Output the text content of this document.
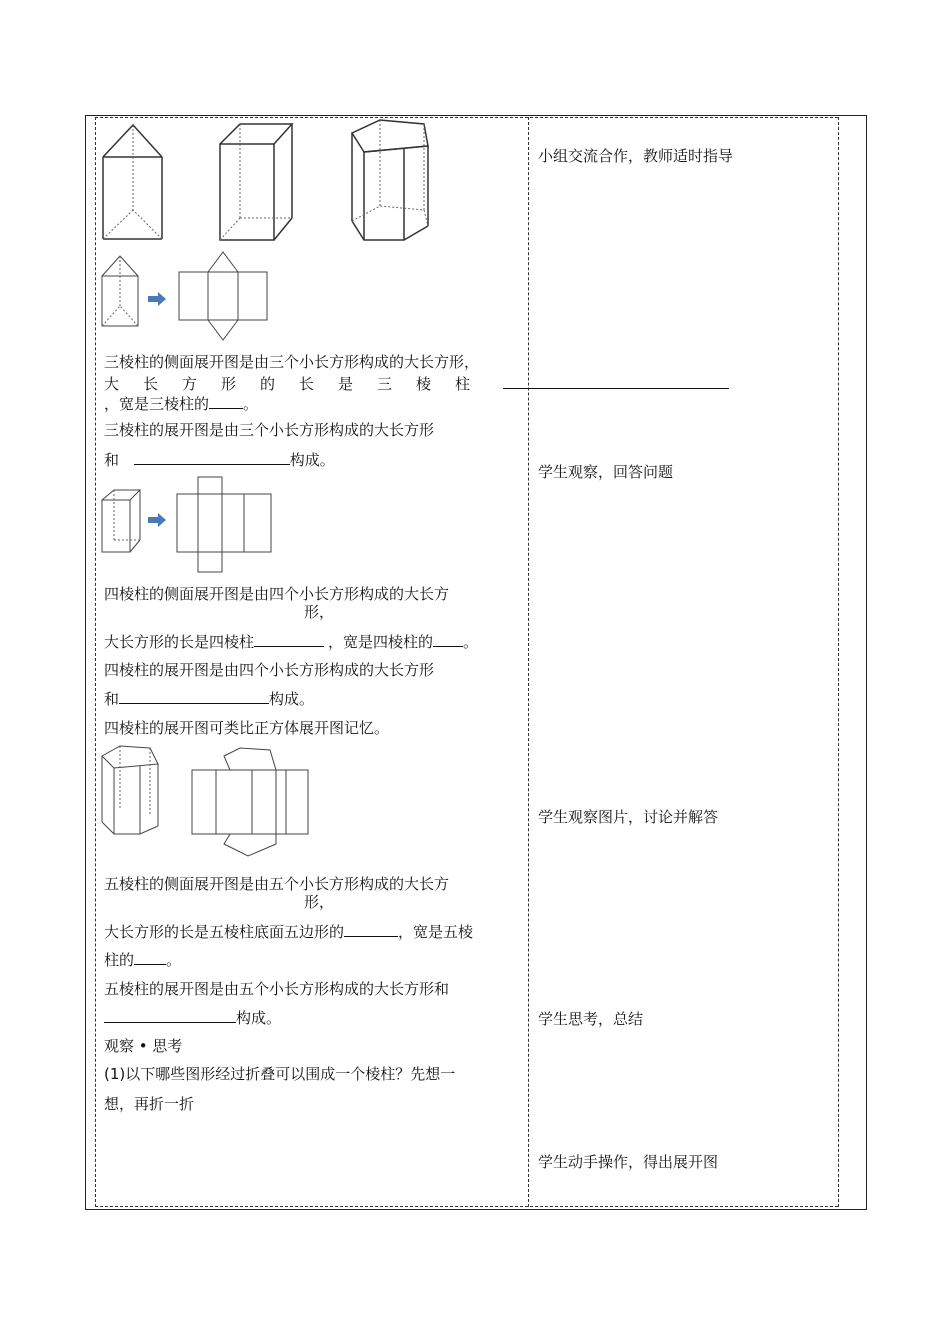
三棱柱的侧面展开图是由三个小长方形构成的大长方形，
大长方形的长是三棱柱
，宽是三棱柱的 。
三棱柱的展开图是由三个小长方形构成的大长方形
和	构成。
四棱柱的侧面展开图是由四个小长方形构成的大长方
形，
大长方形的长是四棱柱	，宽是四棱柱的 。
四棱柱的展开图是由四个小长方形构成的大长方形
和	构成。
四棱柱的展开图可类比正方体展开图记忆。
五棱柱的侧面展开图是由五个小长方形构成的大长方
形，
大长方形的长是五棱柱底面五边形的	，宽是五棱
柱的 。
五棱柱的展开图是由五个小长方形构成的大长方形和
构成。
观察 • 思考
(1)以下哪些图形经过折叠可以围成一个棱柱？先想一
想，再折一折
小组交流合作，教师适时指导
学生观察，回答问题
学生观察图片，讨论并解答
学生思考，总结
学生动手操作，得出展开图
